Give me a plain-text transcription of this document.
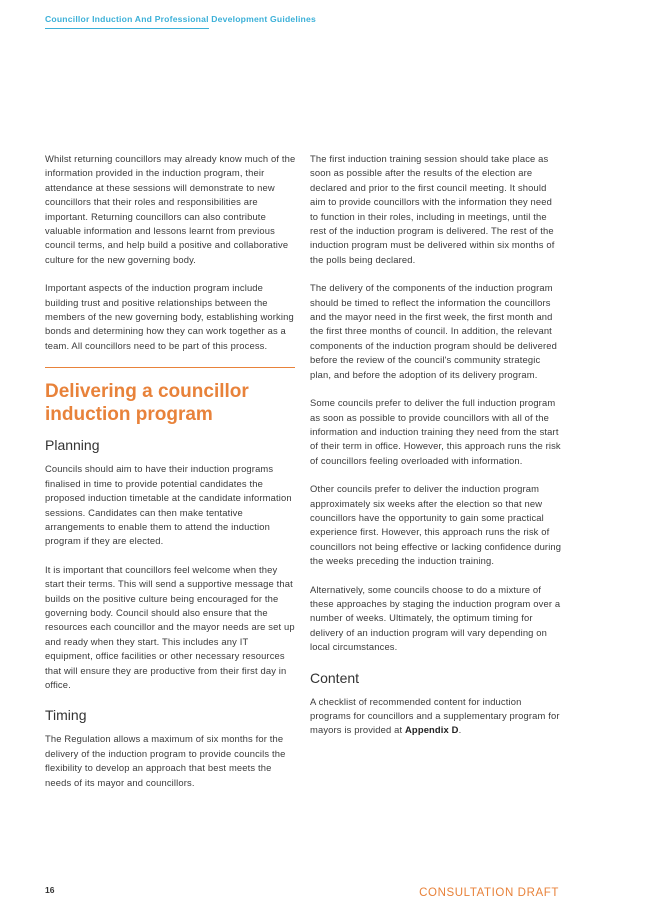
Councillor Induction And Professional Development Guidelines

Whilst returning councillors may already know much of the information provided in the induction program, their attendance at these sessions will demonstrate to new councillors that their roles and responsibilities are important. Returning councillors can also contribute valuable information and lessons learnt from previous council terms, and help build a positive and collaborative culture for the new governing body.

Important aspects of the induction program include building trust and positive relationships between the members of the new governing body, establishing working bonds and determining how they can work together as a team. All councillors need to be part of this process.

Delivering a councillor induction program
Planning

Councils should aim to have their induction programs finalised in time to provide potential candidates the proposed induction timetable at the candidate information sessions. Candidates can then make tentative arrangements to enable them to attend the induction program if they are elected.

It is important that councillors feel welcome when they start their terms. This will send a supportive message that builds on the positive culture being encouraged for the governing body. Council should also ensure that the resources each councillor and the mayor needs are set up and ready when they start. This includes any IT equipment, office facilities or other necessary resources that will ensure they are productive from their first day in office.

Timing

The Regulation allows a maximum of six months for the delivery of the induction program to provide councils the flexibility to develop an approach that best meets the needs of its mayor and councillors.

The first induction training session should take place as soon as possible after the results of the election are declared and prior to the first council meeting. It should aim to provide councillors with the information they need to function in their roles, including in meetings, until the rest of the induction program is delivered. The rest of the induction program must be delivered within six months of the polls being declared.

The delivery of the components of the induction program should be timed to reflect the information the councillors and the mayor need in the first week, the first month and the first three months of council. In addition, the relevant components of the induction program should be delivered before the review of the council's community strategic plan, and before the adoption of its delivery program.

Some councils prefer to deliver the full induction program as soon as possible to provide councillors with all of the information and induction training they need from the start of their term in office. However, this approach runs the risk of councillors feeling overloaded with information.

Other councils prefer to deliver the induction program approximately six weeks after the election so that new councillors have the opportunity to gain some practical experience first. However, this approach runs the risk of councillors not being effective or lacking confidence during the weeks preceding the induction training.

Alternatively, some councils choose to do a mixture of these approaches by staging the induction program over a number of weeks. Ultimately, the optimum timing for delivery of an induction program will vary depending on local circumstances.

Content

A checklist of recommended content for induction programs for councillors and a supplementary program for mayors is provided at Appendix D.

16	CONSULTATION DRAFT
